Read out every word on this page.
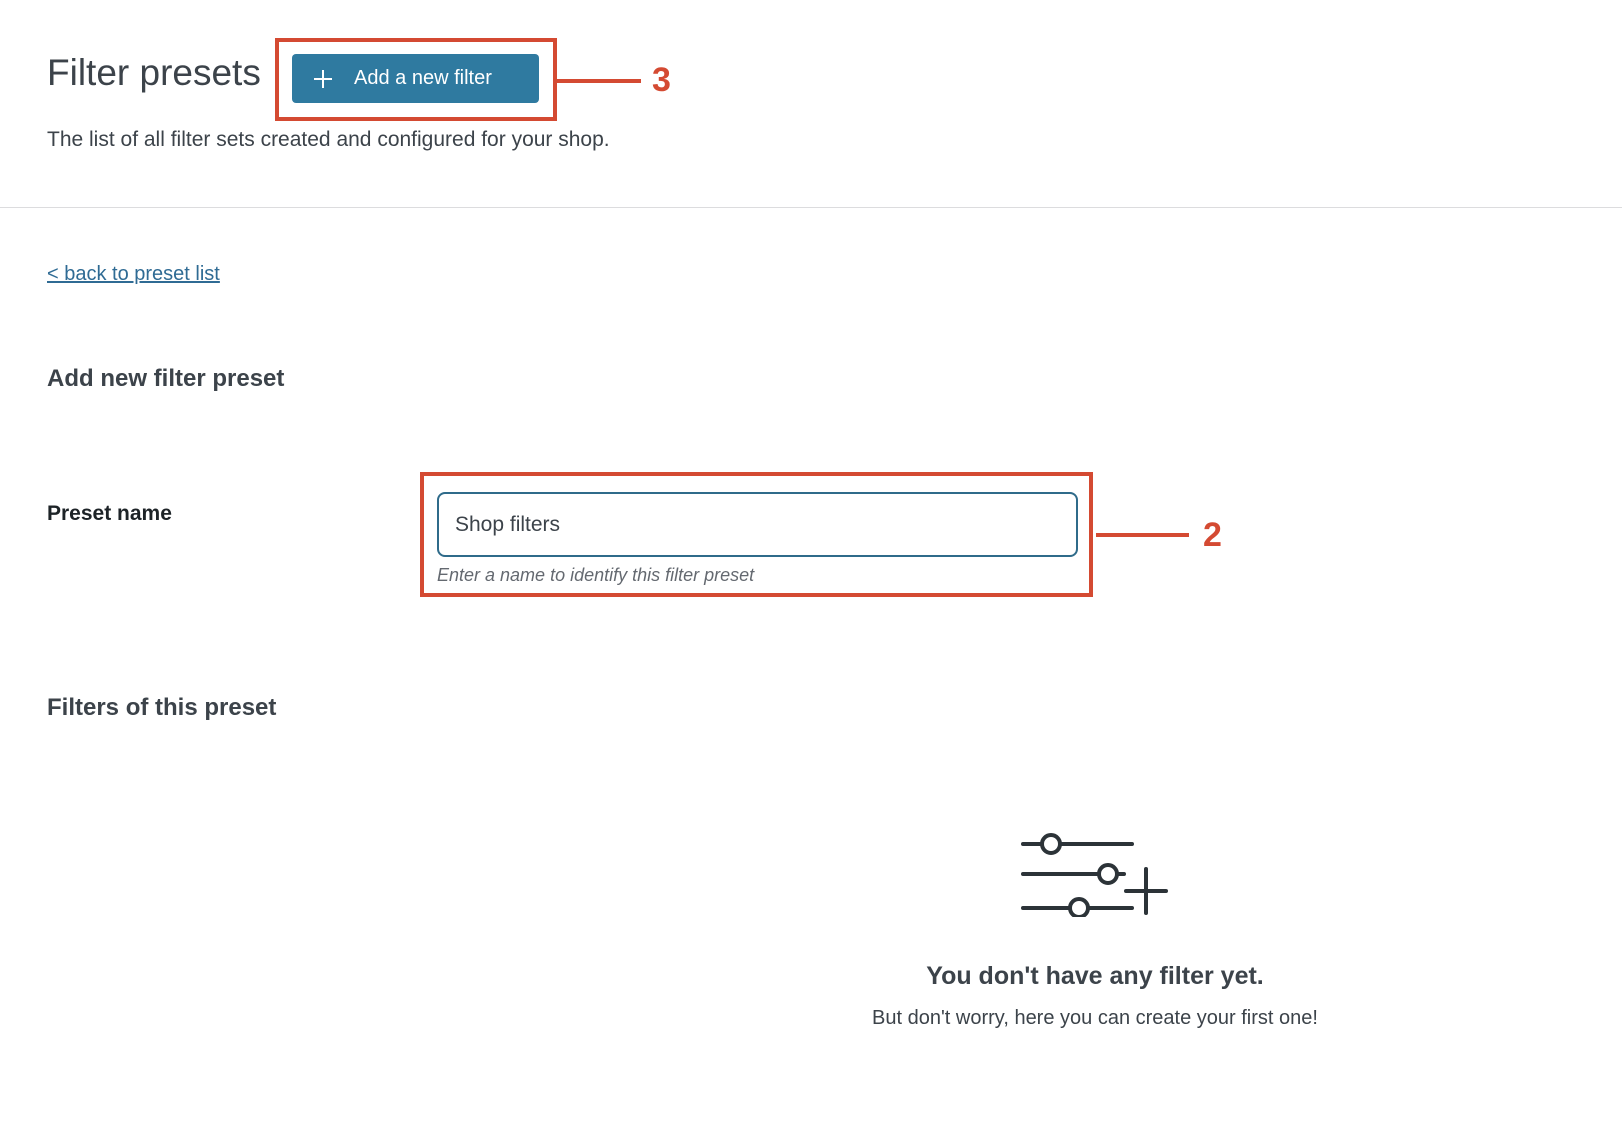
Filter presets	3
Add a new filter
The list of all filter sets created and configured for your shop.
< back to preset list
Add new filter preset
Preset name
2
Shop filters
Enter a name to identify this filter preset
Filters of this preset
You don't have any filter yet.
But don't worry, here you can create your first one!
